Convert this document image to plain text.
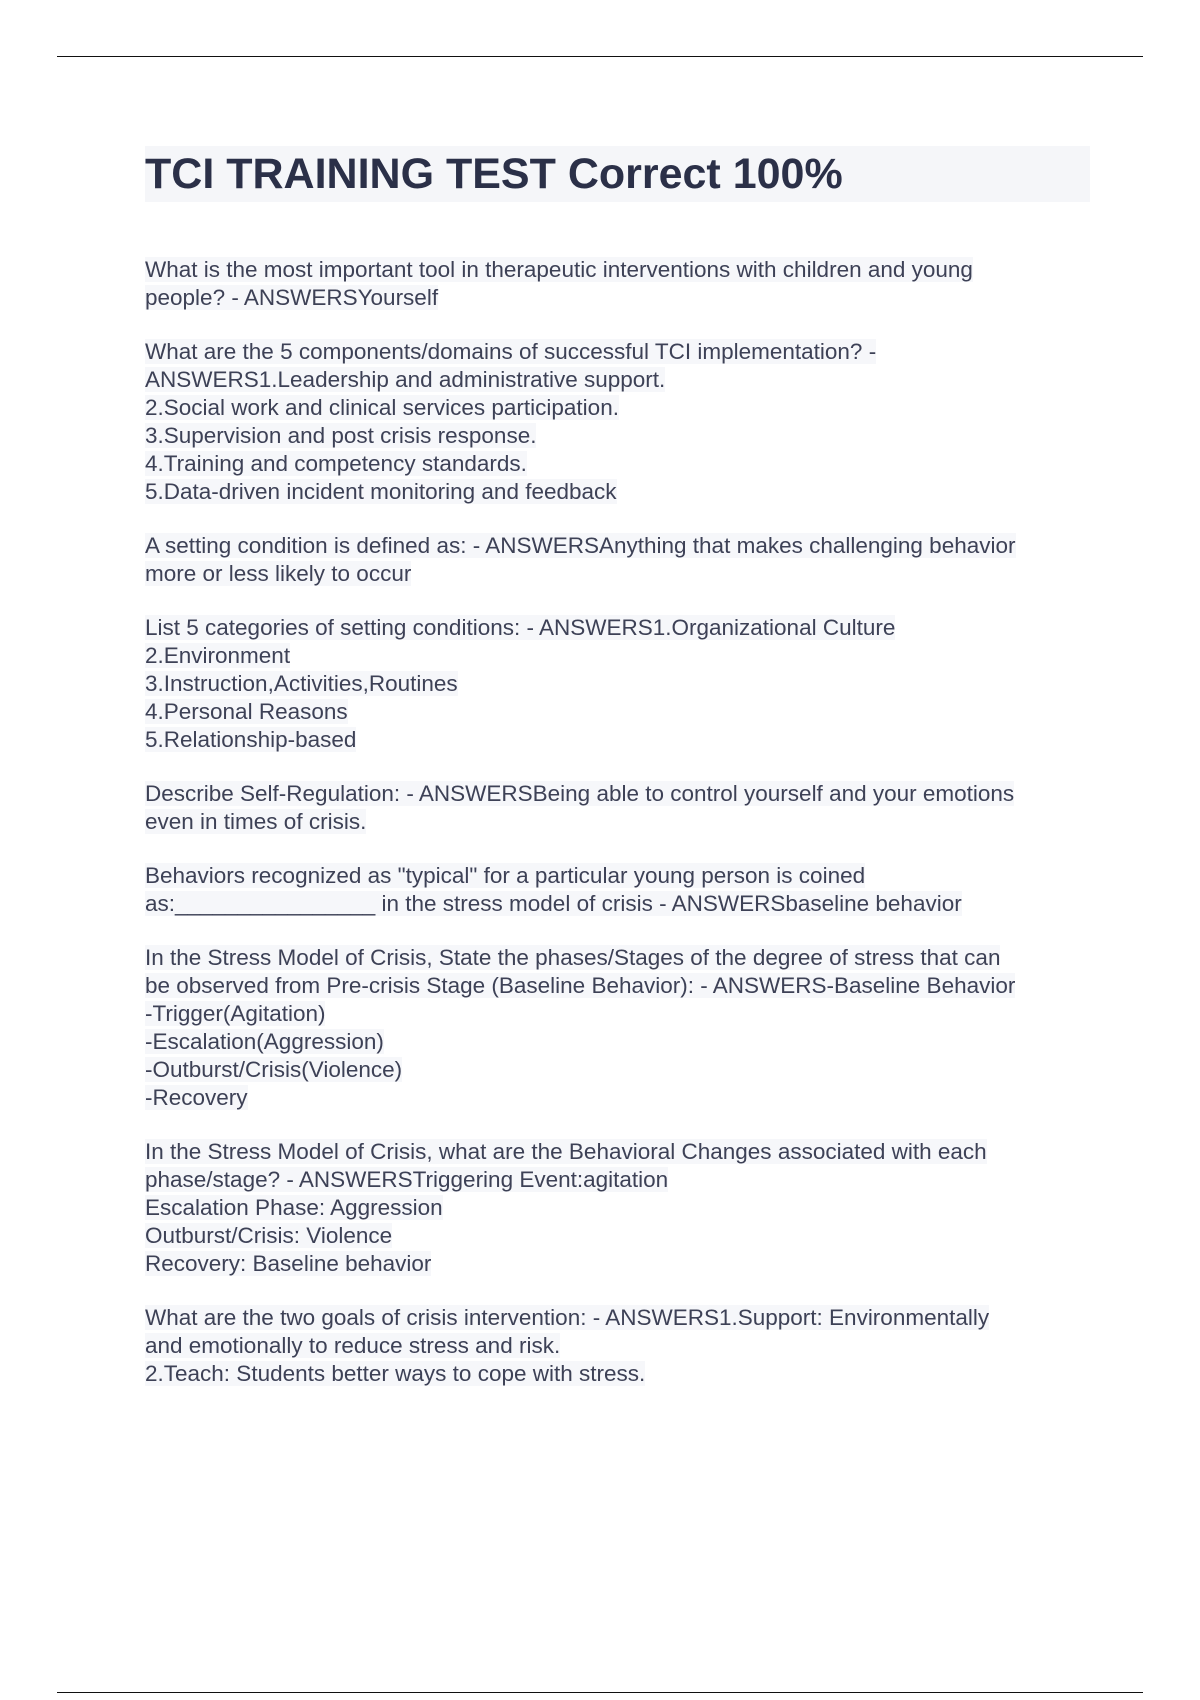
TCI TRAINING TEST Correct 100%
What is the most important tool in therapeutic interventions with children and young
people? - ANSWERSYourself
What are the 5 components/domains of successful TCI implementation? -
ANSWERS1.Leadership and administrative support.
2.Social work and clinical services participation.
3.Supervision and post crisis response.
4.Training and competency standards.
5.Data-driven incident monitoring and feedback
A setting condition is defined as: - ANSWERSAnything that makes challenging behavior
more or less likely to occur
List 5 categories of setting conditions: - ANSWERS1.Organizational Culture
2.Environment
3.Instruction,Activities,Routines
4.Personal Reasons
5.Relationship-based
Describe Self-Regulation: - ANSWERSBeing able to control yourself and your emotions
even in times of crisis.
Behaviors recognized as "typical" for a particular young person is coined
as:________________ in the stress model of crisis - ANSWERSbaseline behavior
In the Stress Model of Crisis, State the phases/Stages of the degree of stress that can
be observed from Pre-crisis Stage (Baseline Behavior): - ANSWERS-Baseline Behavior
-Trigger(Agitation)
-Escalation(Aggression)
-Outburst/Crisis(Violence)
-Recovery
In the Stress Model of Crisis, what are the Behavioral Changes associated with each
phase/stage? - ANSWERSTriggering Event:agitation
Escalation Phase: Aggression
Outburst/Crisis: Violence
Recovery: Baseline behavior
What are the two goals of crisis intervention: - ANSWERS1.Support: Environmentally
and emotionally to reduce stress and risk.
2.Teach: Students better ways to cope with stress.
